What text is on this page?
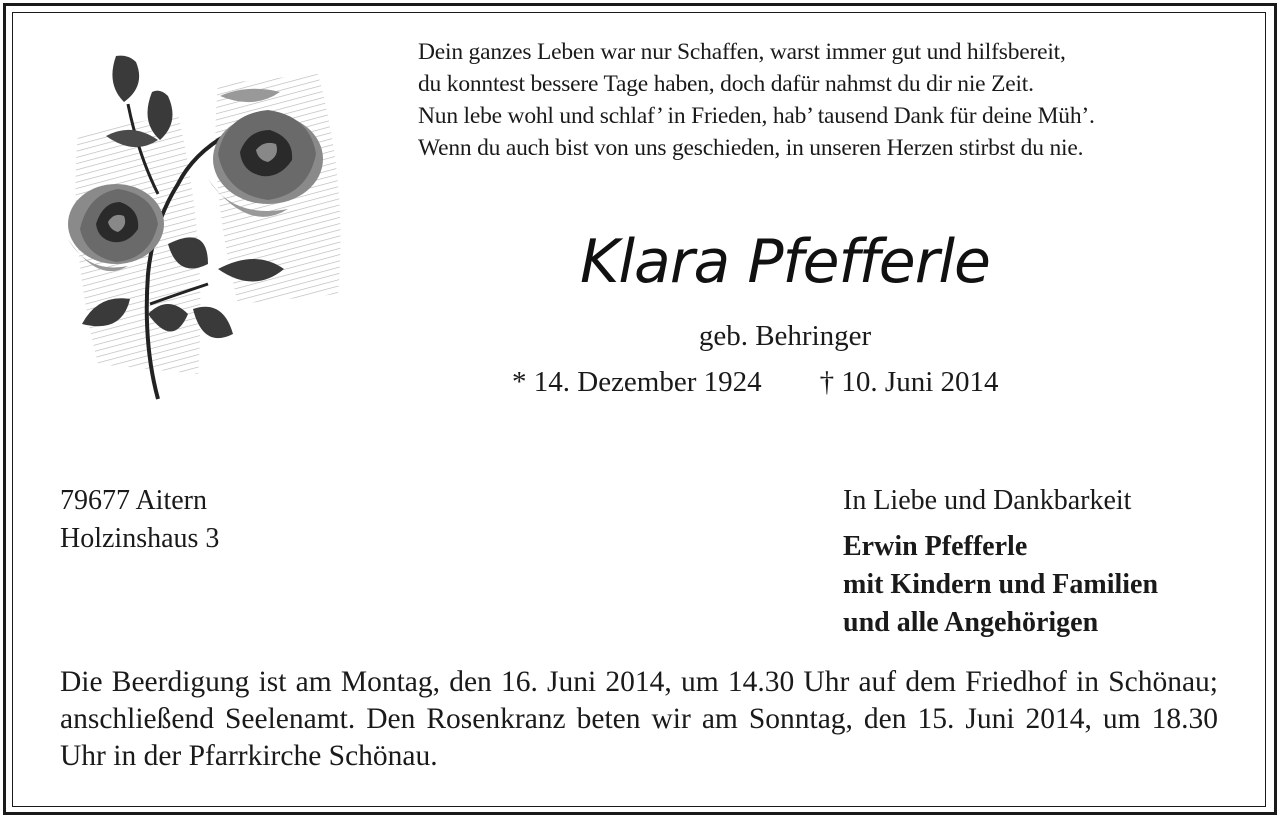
Dein ganzes Leben war nur Schaffen, warst immer gut und hilfsbereit,
du konntest bessere Tage haben, doch dafür nahmst du dir nie Zeit.
Nun lebe wohl und schlaf’ in Frieden, hab’ tausend Dank für deine Müh’.
Wenn du auch bist von uns geschieden, in unseren Herzen stirbst du nie.
Klara Pfefferle
geb. Behringer
* 14. Dezember 1924 † 10. Juni 2014
79677 Aitern
Holzinshaus 3
In Liebe und Dankbarkeit
Erwin Pfefferle
mit Kindern und Familien
und alle Angehörigen
Die Beerdigung ist am Montag, den 16. Juni 2014, um 14.30 Uhr auf dem Friedhof in Schönau; anschließend Seelenamt. Den Rosenkranz beten wir am Sonntag, den 15. Juni 2014, um 18.30 Uhr in der Pfarrkirche Schönau.
